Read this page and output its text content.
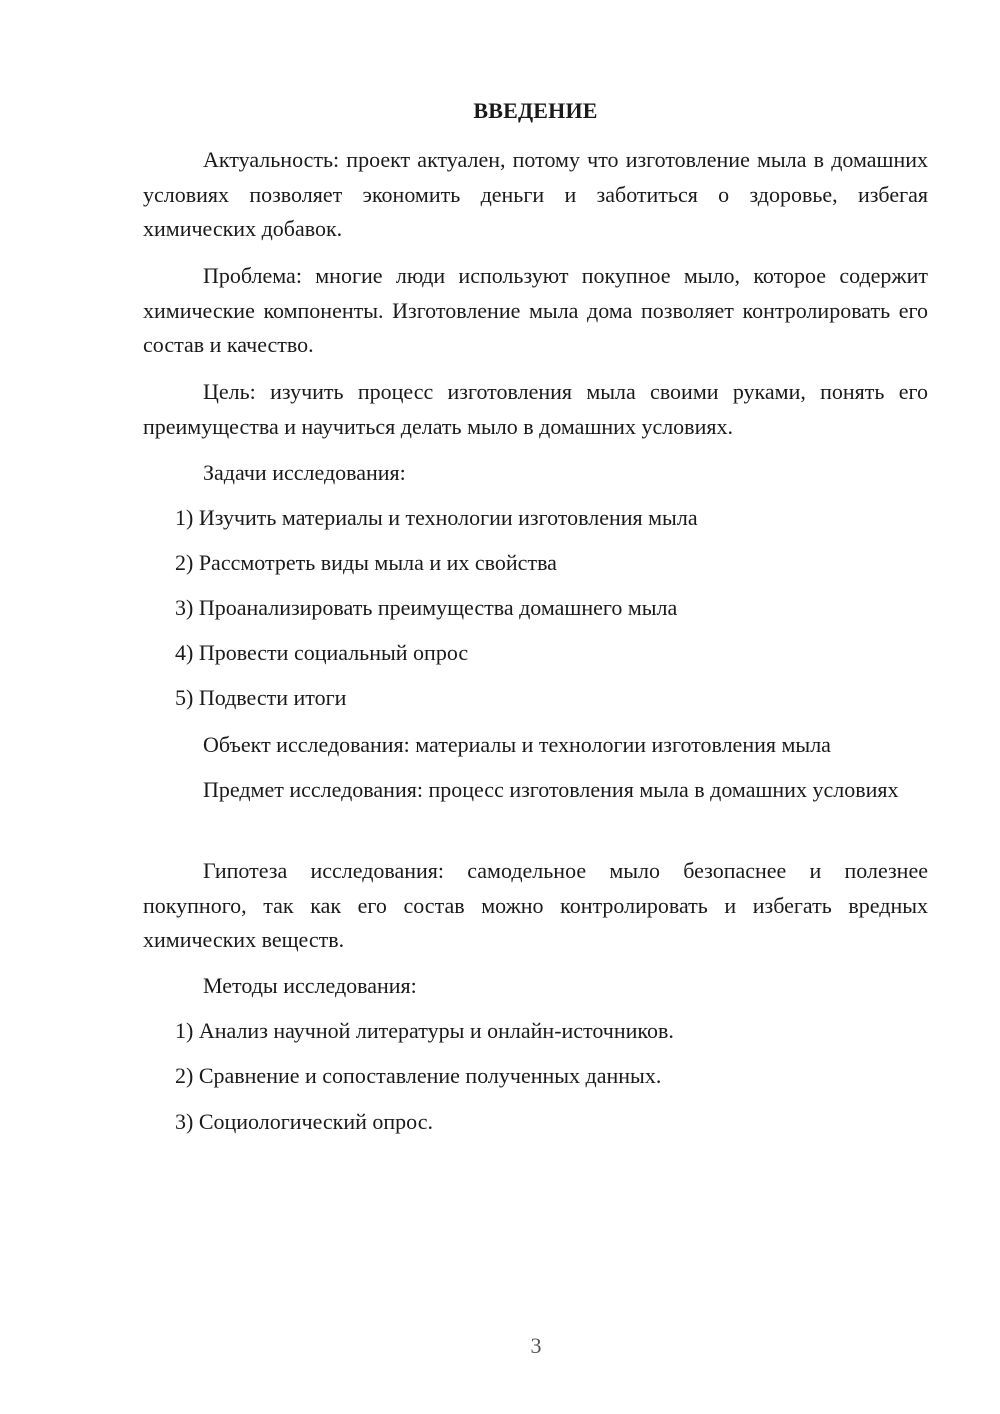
ВВЕДЕНИЕ

Актуальность: проект актуален, потому что изготовление мыла в домашних условиях позволяет экономить деньги и заботиться о здоровье, избегая химических добавок.

Проблема: многие люди используют покупное мыло, которое содержит химические компоненты. Изготовление мыла дома позволяет контролировать его состав и качество.

Цель: изучить процесс изготовления мыла своими руками, понять его преимущества и научиться делать мыло в домашних условиях.

Задачи исследования:

1) Изучить материалы и технологии изготовления мыла

2) Рассмотреть виды мыла и их свойства

3) Проанализировать преимущества домашнего мыла

4) Провести социальный опрос

5) Подвести итоги

Объект исследования: материалы и технологии изготовления мыла

Предмет исследования: процесс изготовления мыла в домашних условиях

Гипотеза исследования: самодельное мыло безопаснее и полезнее покупного, так как его состав можно контролировать и избегать вредных химических веществ.

Методы исследования:

1) Анализ научной литературы и онлайн-источников.

2) Сравнение и сопоставление полученных данных.

3) Социологический опрос.

3
